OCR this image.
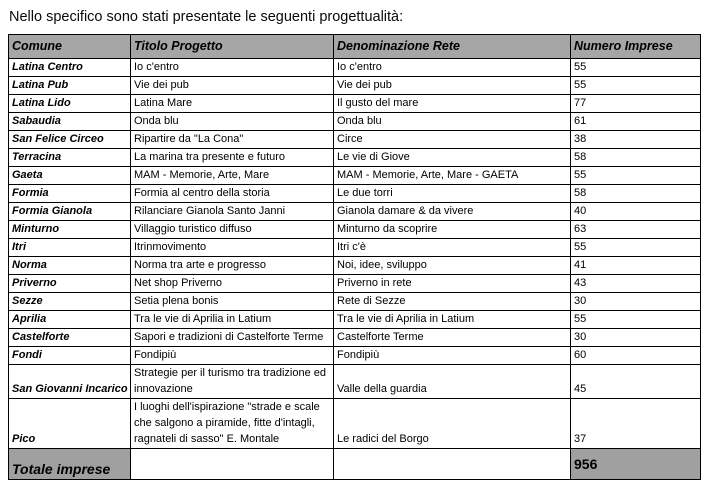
Nello specifico sono stati presentate le seguenti progettualità:
Comune	Titolo Progetto	Denominazione Rete	Numero Imprese
Latina Centro	Io c'entro	Io c'entro	55
Latina Pub	Vie dei pub	Vie dei pub	55
Latina Lido	Latina Mare	Il gusto del mare	77
Sabaudia	Onda blu	Onda blu	61
San Felice Circeo	Ripartire da "La Cona"	Circe	38
Terracina	La marina tra presente e futuro	Le vie di Giove	58
Gaeta	MAM - Memorie, Arte, Mare	MAM - Memorie, Arte, Mare - GAETA	55
Formia	Formia al centro della storia	Le due torri	58
Formia Gianola	Rilanciare Gianola Santo Janni	Gianola damare & da vivere	40
Minturno	Villaggio turistico diffuso	Minturno da scoprire	63
Itri	Itrinmovimento	Itri c'è	55
Norma	Norma tra arte e progresso	Noi, idee, sviluppo	41
Priverno	Net shop Priverno	Priverno in rete	43
Sezze	Setia plena bonis	Rete di Sezze	30
Aprilia	Tra le vie di Aprilia in Latium	Tra le vie di Aprilia in Latium	55
Castelforte	Sapori e tradizioni di Castelforte Terme	Castelforte Terme	30
Fondi	Fondipiù	Fondipiù	60
San Giovanni Incarico	Strategie per il turismo tra tradizione ed innovazione	Valle della guardia	45
Pico	I luoghi dell'ispirazione "strade e scale che salgono a piramide, fitte d'intagli, ragnateli di sasso" E. Montale	Le radici del Borgo	37
Totale imprese			956
